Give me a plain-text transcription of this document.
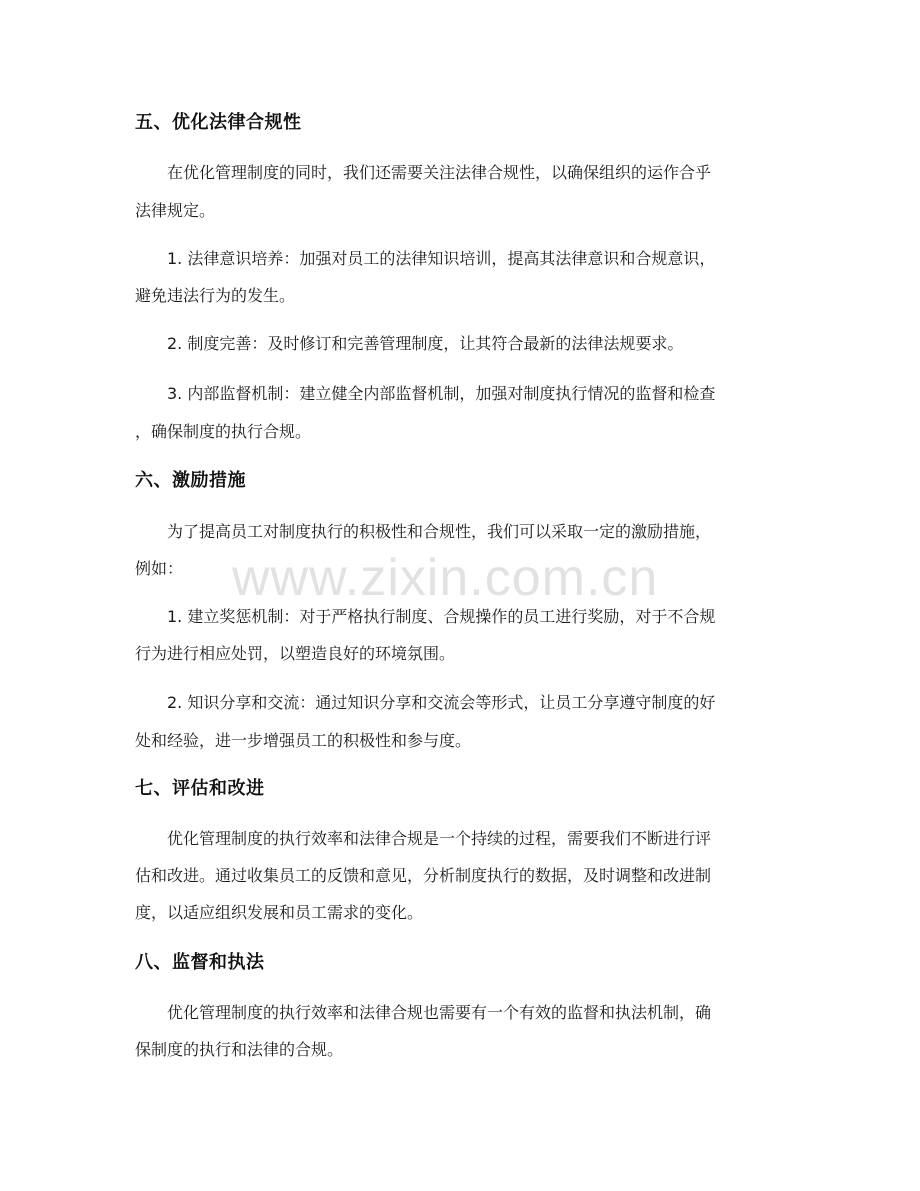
www.zixin.com.cn
五、优化法律合规性
在优化管理制度的同时，我们还需要关注法律合规性，以确保组织的运作合乎
法律规定。
1. 法律意识培养：加强对员工的法律知识培训，提高其法律意识和合规意识，
避免违法行为的发生。
2. 制度完善：及时修订和完善管理制度，让其符合最新的法律法规要求。
3. 内部监督机制：建立健全内部监督机制，加强对制度执行情况的监督和检查
，确保制度的执行合规。
六、激励措施
为了提高员工对制度执行的积极性和合规性，我们可以采取一定的激励措施，
例如：
1. 建立奖惩机制：对于严格执行制度、合规操作的员工进行奖励，对于不合规
行为进行相应处罚，以塑造良好的环境氛围。
2. 知识分享和交流：通过知识分享和交流会等形式，让员工分享遵守制度的好
处和经验，进一步增强员工的积极性和参与度。
七、评估和改进
优化管理制度的执行效率和法律合规是一个持续的过程，需要我们不断进行评
估和改进。通过收集员工的反馈和意见，分析制度执行的数据，及时调整和改进制
度，以适应组织发展和员工需求的变化。
八、监督和执法
优化管理制度的执行效率和法律合规也需要有一个有效的监督和执法机制，确
保制度的执行和法律的合规。
